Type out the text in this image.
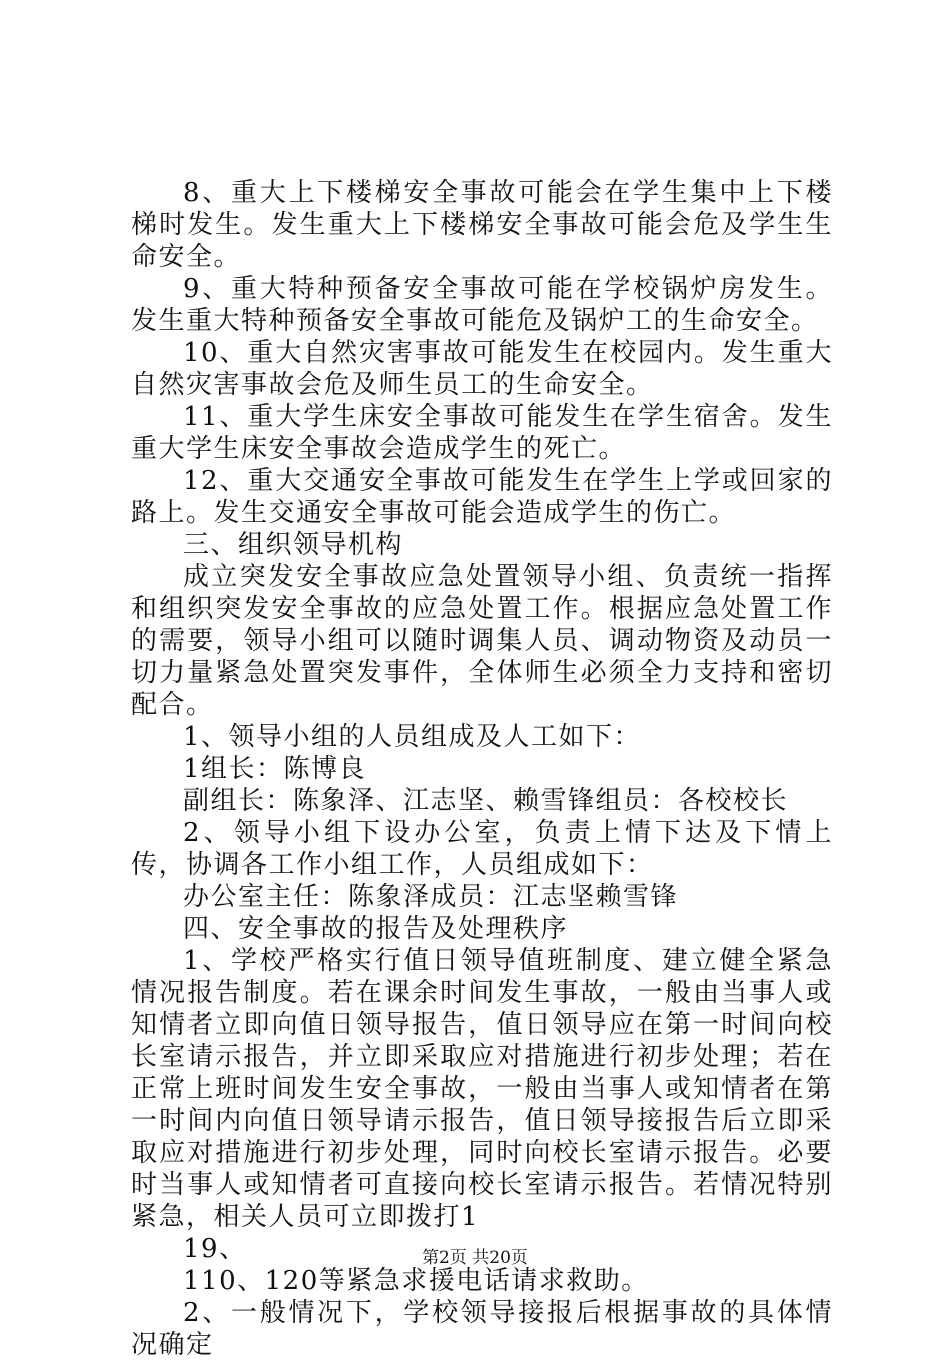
8、重大上下楼梯安全事故可能会在学生集中上下楼梯时发生。发生重大上下楼梯安全事故可能会危及学生生命安全。

9、重大特种预备安全事故可能在学校锅炉房发生。发生重大特种预备安全事故可能危及锅炉工的生命安全。

10、重大自然灾害事故可能发生在校园内。发生重大自然灾害事故会危及师生员工的生命安全。

11、重大学生床安全事故可能发生在学生宿舍。发生重大学生床安全事故会造成学生的死亡。

12、重大交通安全事故可能发生在学生上学或回家的路上。发生交通安全事故可能会造成学生的伤亡。

三、组织领导机构

成立突发安全事故应急处置领导小组、负责统一指挥和组织突发安全事故的应急处置工作。根据应急处置工作的需要，领导小组可以随时调集人员、调动物资及动员一切力量紧急处置突发事件，全体师生必须全力支持和密切配合。

1、领导小组的人员组成及人工如下：

1组长：陈博良

副组长：陈象泽、江志坚、赖雪锋组员：各校校长

2、领导小组下设办公室，负责上情下达及下情上传，协调各工作小组工作，人员组成如下：

办公室主任：陈象泽成员：江志坚赖雪锋

四、安全事故的报告及处理秩序

1、学校严格实行值日领导值班制度、建立健全紧急情况报告制度。若在课余时间发生事故，一般由当事人或知情者立即向值日领导报告，值日领导应在第一时间向校长室请示报告，并立即采取应对措施进行初步处理；若在正常上班时间发生安全事故，一般由当事人或知情者在第一时间内向值日领导请示报告，值日领导接报告后立即采取应对措施进行初步处理，同时向校长室请示报告。必要时当事人或知情者可直接向校长室请示报告。若情况特别紧急，相关人员可立即拨打1

19、

110、120等紧急求援电话请求救助。

2、一般情况下，学校领导接报后根据事故的具体情况确定

第2页 共20页
